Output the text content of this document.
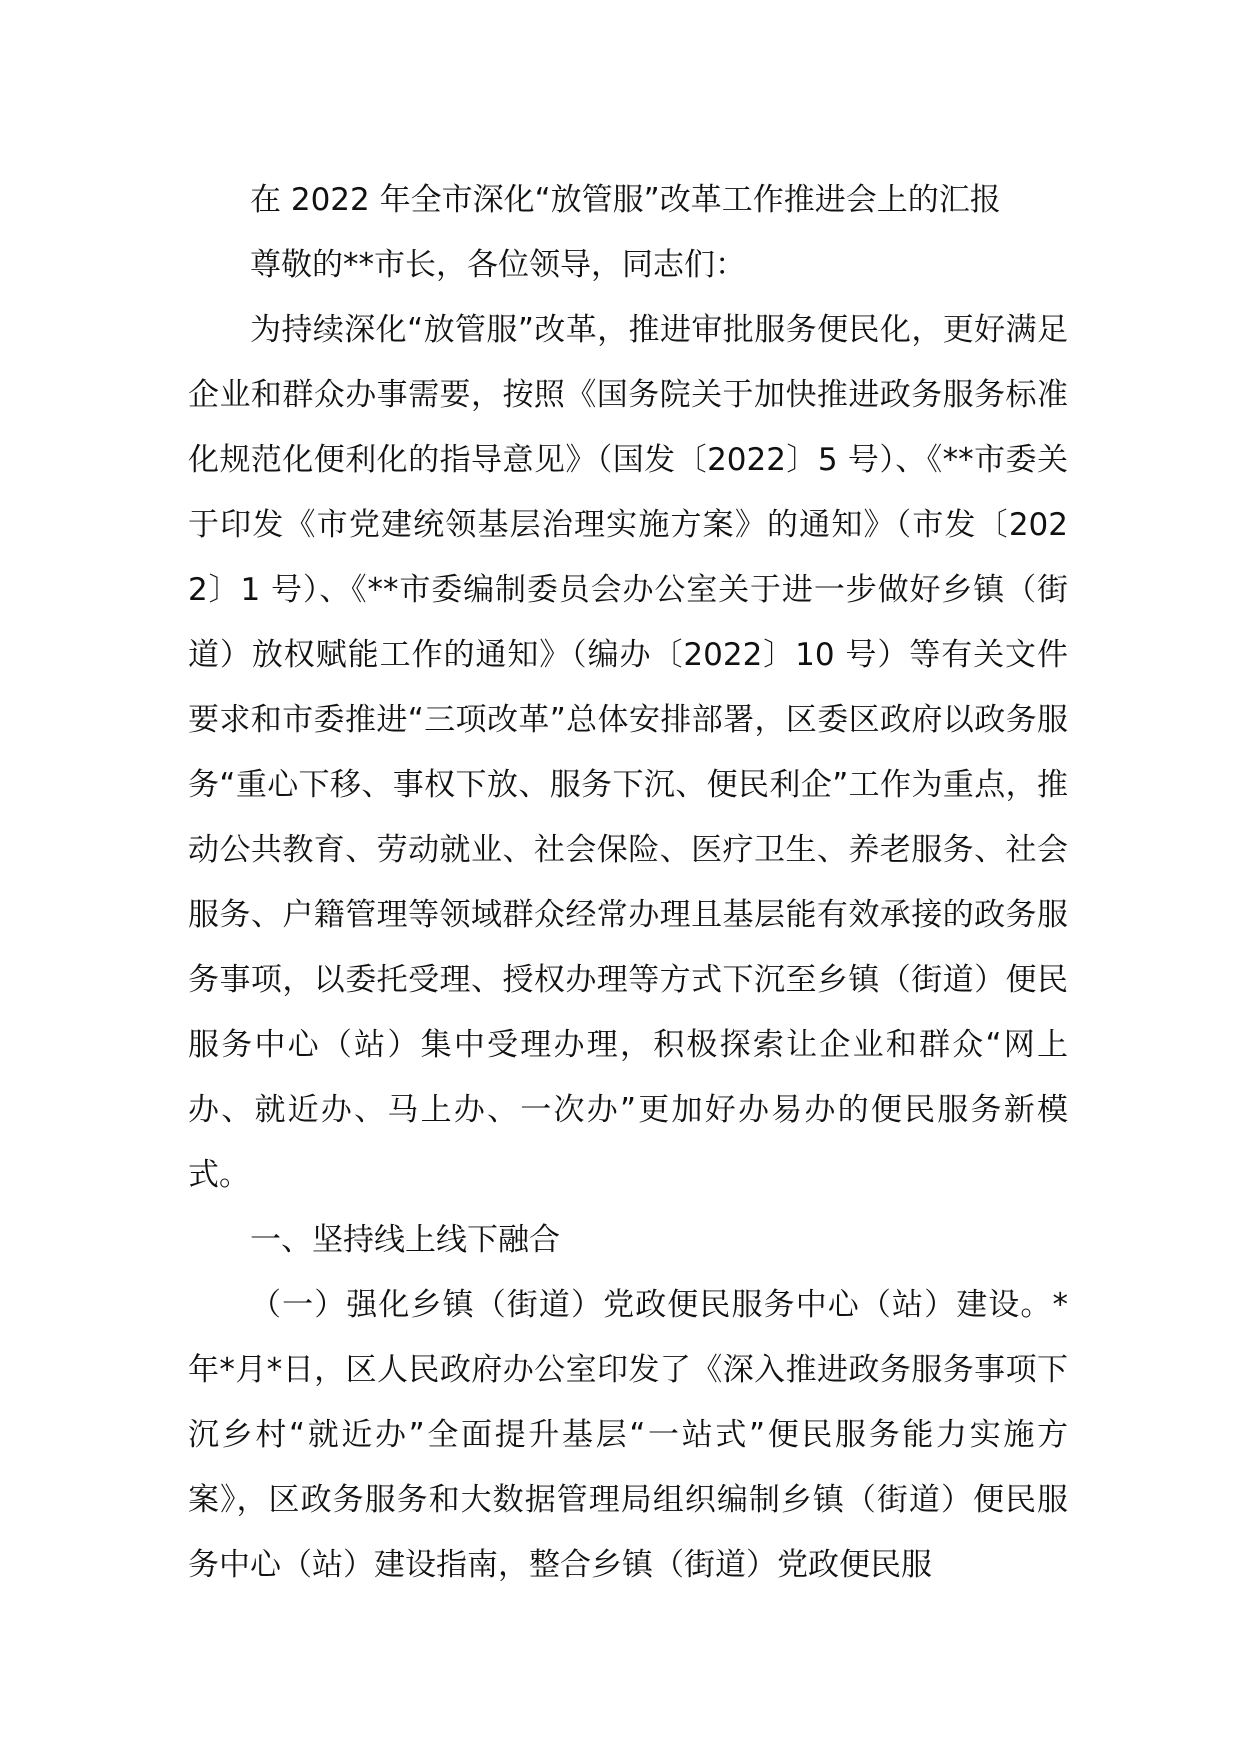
在 2022 年全市深化“放管服”改革工作推进会上的汇报

尊敬的**市长，各位领导，同志们：

为持续深化“放管服”改革，推进审批服务便民化，更好满足企业和群众办事需要，按照《国务院关于加快推进政务服务标准化规范化便利化的指导意见》（国发〔2022〕5 号）、《**市委关于印发《市党建统领基层治理实施方案》的通知》（市发〔2022〕1 号）、《**市委编制委员会办公室关于进一步做好乡镇（街道）放权赋能工作的通知》（编办〔2022〕10 号）等有关文件要求和市委推进“三项改革”总体安排部署，区委区政府以政务服务“重心下移、事权下放、服务下沉、便民利企”工作为重点，推动公共教育、劳动就业、社会保险、医疗卫生、养老服务、社会服务、户籍管理等领域群众经常办理且基层能有效承接的政务服务事项，以委托受理、授权办理等方式下沉至乡镇（街道）便民服务中心（站）集中受理办理，积极探索让企业和群众“网上办、就近办、马上办、一次办”更加好办易办的便民服务新模式。

一、坚持线上线下融合

（一）强化乡镇（街道）党政便民服务中心（站）建设。*年*月*日，区人民政府办公室印发了《深入推进政务服务事项下沉乡村“就近办”全面提升基层“一站式”便民服务能力实施方案》，区政务服务和大数据管理局组织编制乡镇（街道）便民服务中心（站）建设指南，整合乡镇（街道）党政便民服
